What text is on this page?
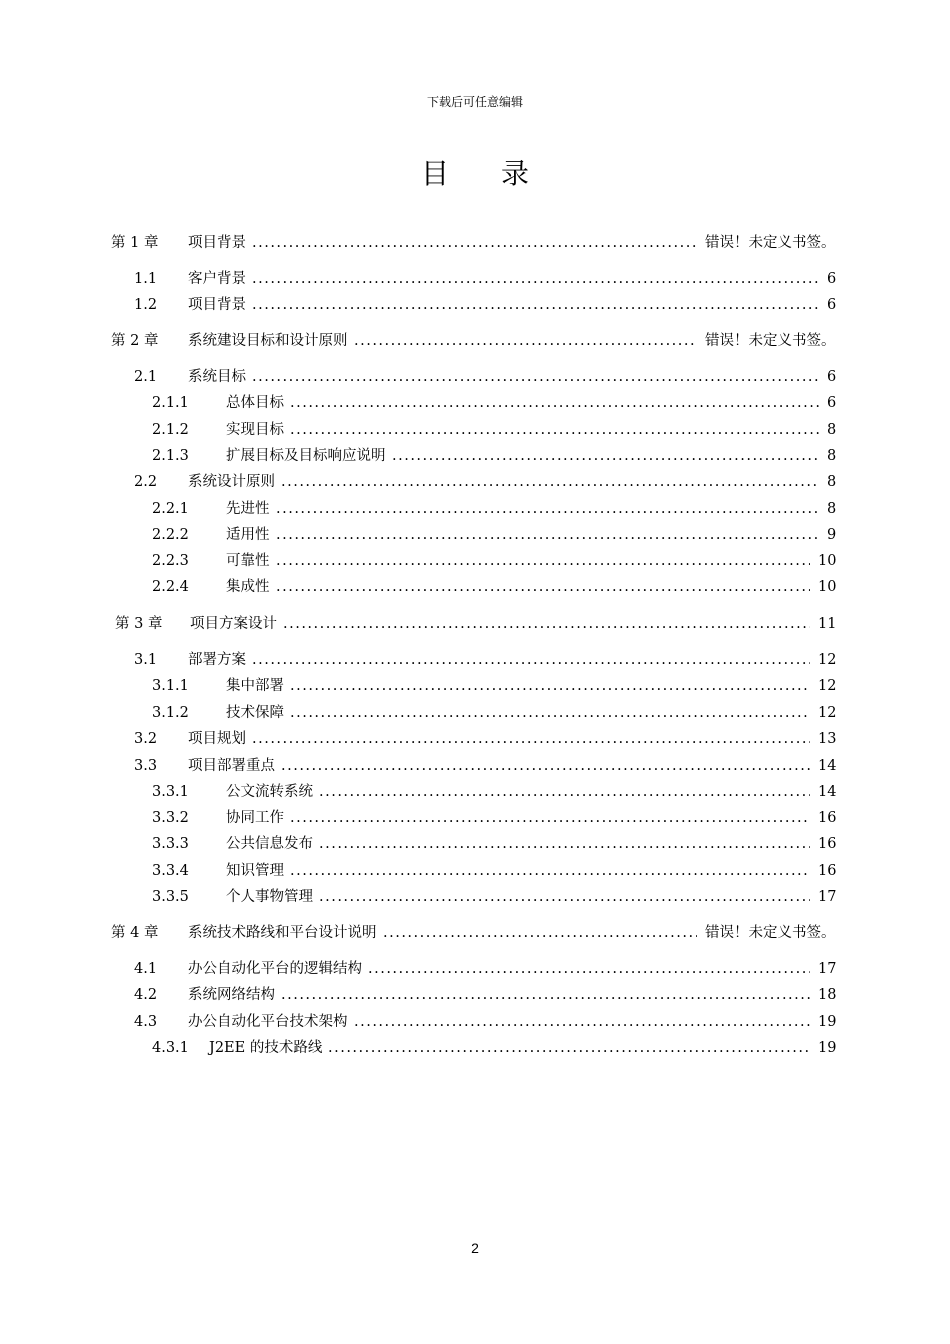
下载后可任意编辑
目录
第 1 章 项目背景 .....	错误！未定义书签。
1.1 客户背景 .....	6
1.2 项目背景 .....	6
第 2 章 系统建设目标和设计原则 .....	错误！未定义书签。
2.1 系统目标 .....	6
2.1.1	总体目标 .....	6
2.1.2	实现目标 .....	8
2.1.3	扩展目标及目标响应说明 .....	8
2.2 系统设计原则 .....	8
2.2.1	先进性 .....	8
2.2.2	适用性 .....	9
2.2.3	可靠性 .....	10
2.2.4	集成性 .....	10
第 3 章 项目方案设计 .....	11
3.1 部署方案 .....	12
3.1.1	集中部署 .....	12
3.1.2	技术保障 .....	12
3.2 项目规划 .....	13
3.3 项目部署重点 .....	14
3.3.1	公文流转系统 .....	14
3.3.2	协同工作 .....	16
3.3.3	公共信息发布 .....	16
3.3.4	知识管理 .....	16
3.3.5	个人事物管理 .....	17
第 4 章 系统技术路线和平台设计说明 .....	错误！未定义书签。
4.1 办公自动化平台的逻辑结构 .....	17
4.2 系统网络结构 .....	18
4.3 办公自动化平台技术架构 .....	19
4.3.1 J2EE 的技术路线 .....	19
2
